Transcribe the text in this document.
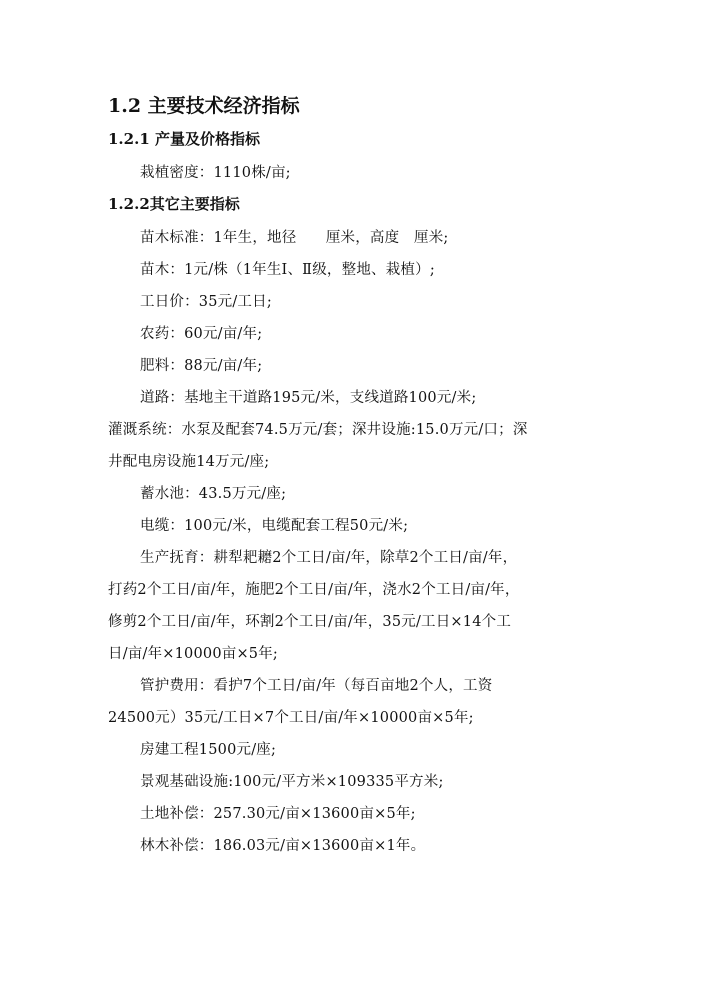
1.2 主要技术经济指标
1.2.1 产量及价格指标
栽植密度：1110株/亩;
1.2.2其它主要指标
苗木标准：1年生，地径　　厘米，高度　厘米;
苗木：1元/株（1年生Ⅰ、Ⅱ级，整地、栽植）;
工日价：35元/工日;
农药：60元/亩/年;
肥料：88元/亩/年;
道路：基地主干道路195元/米，支线道路100元/米;
灌溉系统：水泵及配套74.5万元/套；深井设施:15.0万元/口；深
井配电房设施14万元/座;
蓄水池：43.5万元/座;
电缆：100元/米，电缆配套工程50元/米;
生产抚育：耕犁耙耱2个工日/亩/年，除草2个工日/亩/年，
打药2个工日/亩/年，施肥2个工日/亩/年，浇水2个工日/亩/年，
修剪2个工日/亩/年，环割2个工日/亩/年，35元/工日×14个工
日/亩/年×10000亩×5年;
管护费用：看护7个工日/亩/年（每百亩地2个人，工资
24500元）35元/工日×7个工日/亩/年×10000亩×5年;
房建工程1500元/座;
景观基础设施:100元/平方米×109335平方米;
土地补偿：257.30元/亩×13600亩×5年;
林木补偿：186.03元/亩×13600亩×1年。
